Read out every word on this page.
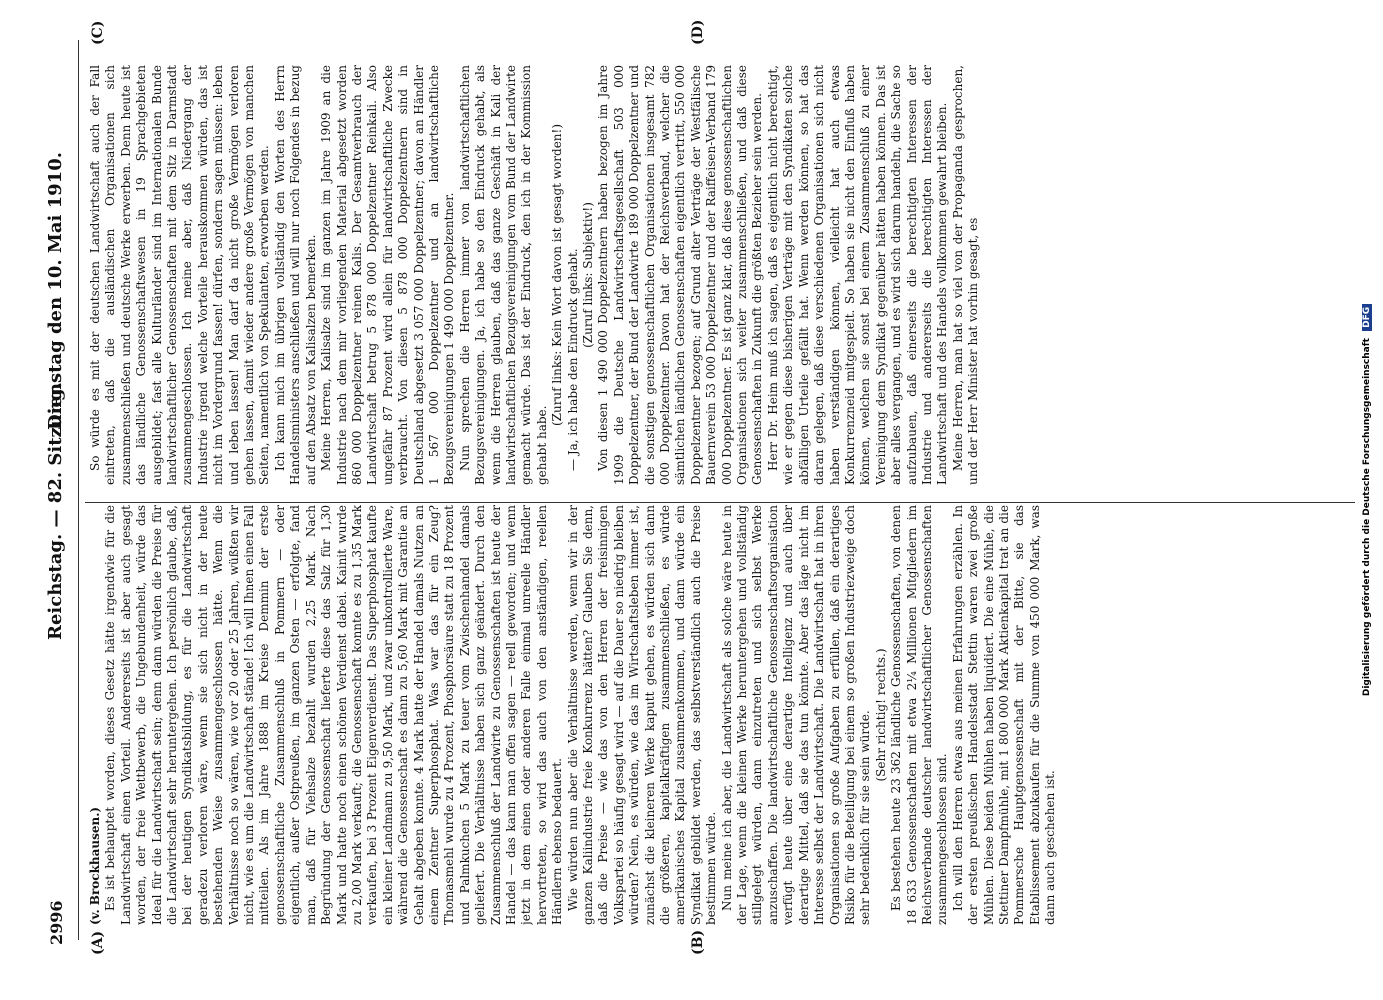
2996
Reichstag. — 82. Sitzung.
Dienstag den 10. Mai 1910.
(A)	(B)
(C)	(D)

(v. Brockhausen.) Es ist behauptet worden, dieses Gesetz hätte irgendwie für die Landwirtschaft einen Vorteil. Andererseits ist aber auch gesagt worden, der freie Wettbewerb, die Ungebundenheit, würde das Ideal für die Landwirtschaft sein; denn dann würden die Preise für die Landwirtschaft sehr heruntergehen. Ich persönlich glaube, daß, bei der heutigen Syndikatsbildung, es für die Landwirtschaft geradezu verloren wäre, wenn sie sich nicht in der heute bestehenden Weise zusammengeschlossen hätte. Wenn die Verhältnisse noch so wären, wie vor 20 oder 25 Jahren, wüßten wir nicht, wie es um die Landwirtschaft stände! Ich will Ihnen einen Fall mitteilen. Als im Jahre 1888 im Kreise Demmin der erste genossenschaftliche Zusammenschluß in Pommern — oder eigentlich, außer Ostpreußen, im ganzen Osten — erfolgte, fand man, daß für Viehsalze bezahlt wurden 2,25 Mark. Nach Begründung der Genossenschaft lieferte diese das Salz für 1,30 Mark und hatte noch einen schönen Verdienst dabei. Kainit wurde zu 2,00 Mark verkauft; die Genossenschaft konnte es zu 1,35 Mark verkaufen, bei 3 Prozent Eigenverdienst. Das Superphosphat kaufte ein kleiner Landmann zu 9,50 Mark, und zwar unkontrollierte Ware, während die Genossenschaft es dann zu 5,60 Mark mit Garantie an Gehalt abgeben konnte. 4 Mark hatte der Handel damals Nutzen an einem Zentner Superphosphat. Was war das für ein Zeug? Thomasmehl wurde zu 4 Prozent, Phosphorsäure statt zu 18 Prozent und Palmkuchen 5 Mark zu teuer vom Zwischenhandel damals geliefert. Die Verhältnisse haben sich ganz geändert. Durch den Zusammenschluß der Landwirte zu Genossenschaften ist heute der Handel — das kann man offen sagen — reell geworden; und wenn jetzt in dem einen oder anderen Falle einmal unreelle Händler hervortreten, so wird das auch von den anständigen, reellen Händlern ebenso bedauert. Wie würden nun aber die Verhältnisse werden, wenn wir in der ganzen Kaliindustrie freie Konkurrenz hätten? Glauben Sie denn, daß die Preise — wie das von den Herren der freisinnigen Volkspartei so häufig gesagt wird — auf die Dauer so niedrig bleiben würden? Nein, es würden, wie das im Wirtschaftsleben immer ist, zunächst die kleineren Werke kaputt gehen, es würden sich dann die größeren, kapitalkräftigen zusammenschließen, es würde amerikanisches Kapital zusammenkommen, und dann würde ein Syndikat gebildet werden, das selbstverständlich auch die Preise bestimmen würde. Nun meine ich aber, die Landwirtschaft als solche wäre heute in der Lage, wenn die kleinen Werke heruntergehen und vollständig stillgelegt würden, dann einzutreten und sich selbst Werke anzuschaffen. Die landwirtschaftliche Genossenschaftsorganisation verfügt heute über eine derartige Intelligenz und auch über derartige Mittel, daß sie das tun könnte. Aber das läge nicht im Interesse selbst der Landwirtschaft. Die Landwirtschaft hat in ihren Organisationen so große Aufgaben zu erfüllen, daß ein derartiges Risiko für die Beteiligung bei einem so großen Industriezweige doch sehr bedenklich für sie sein würde. (Sehr richtig! rechts.) Es bestehen heute 23 362 ländliche Genossenschaften, von denen 18 633 Genossenschaften mit etwa 2¼ Millionen Mitgliedern im Reichsverbande deutscher landwirtschaftlicher Genossenschaften zusammengeschlossen sind. Ich will den Herren etwas aus meinen Erfahrungen erzählen. In der ersten preußischen Handelsstadt Stettin waren zwei große Mühlen. Diese beiden Mühlen haben liquidiert. Die eine Mühle, die Stettiner Dampfmühle, mit 1 800 000 Mark Aktienkapital trat an die Pommersche Hauptgenossenschaft mit der Bitte, sie das Etablissement abzukaufen für die Summe von 450 000 Mark, was dann auch geschehen ist.

So würde es mit der deutschen Landwirtschaft auch der Fall eintreten, daß die ausländischen Organisationen sich zusammenschließen und deutsche Werke erwerben. Denn heute ist das ländliche Genossenschaftswesen in 19 Sprachgebieten ausgebildet; fast alle Kulturländer sind im Internationalen Bunde landwirtschaftlicher Genossenschaften mit dem Sitz in Darmstadt zusammengeschlossen. Ich meine aber, daß Niedergang der Industrie irgend welche Vorteile herauskommen würden, das ist nicht im Vordergrund fassen! dürfen, sondern sagen müssen: leben und leben lassen! Man darf da nicht große Vermögen verloren gehen lassen, damit wieder andere große Vermögen von manchen Seiten, namentlich von Spekulanten, erworben werden. Ich kann mich im übrigen vollständig den Worten des Herrn Handelsministers anschließen und will nur noch Folgendes in bezug auf den Absatz von Kalisalzen bemerken. Meine Herren, Kalisalze sind im ganzen im Jahre 1909 an die Industrie nach dem mir vorliegenden Material abgesetzt worden 860 000 Doppelzentner reinen Kalis. Der Gesamtverbrauch der Landwirtschaft betrug 5 878 000 Doppelzentner Reinkali. Also ungefähr 87 Prozent wird allein für landwirtschaftliche Zwecke verbraucht. Von diesen 5 878 000 Doppelzentnern sind in Deutschland abgesetzt 3 057 000 Doppelzentner; davon an Händler 1 567 000 Doppelzentner und an landwirtschaftliche Bezugsvereinigungen 1 490 000 Doppelzentner. Nun sprechen die Herren immer von landwirtschaftlichen Bezugsvereinigungen. Ja, ich habe so den Eindruck gehabt, als wenn die Herren glauben, daß das ganze Geschäft in Kali der landwirtschaftlichen Bezugsvereinigungen vom Bund der Landwirte gemacht würde. Das ist der Eindruck, den ich in der Kommission gehabt habe.

(Zuruf links: Kein Wort davon ist gesagt worden!) — Ja, ich habe den Eindruck gehabt. (Zuruf links: Subjektiv!) Von diesen 1 490 000 Doppelzentnern haben bezogen im Jahre 1909 die Deutsche Landwirtschaftsgesellschaft 503 000 Doppelzentner, der Bund der Landwirte 189 000 Doppelzentner und die sonstigen genossenschaftlichen Organisationen insgesamt 782 000 Doppelzentner. Davon hat der Reichsverband, welcher die sämtlichen ländlichen Genossenschaften eigentlich vertritt, 550 000 Doppelzentner bezogen; auf Grund alter Verträge der Westfälische Bauernverein 53 000 Doppelzentner und der Raiffeisen-Verband 179 000 Doppelzentner. Es ist ganz klar, daß diese genossenschaftlichen Organisationen sich weiter zusammenschließen, und daß diese Genossenschaften in Zukunft die größten Bezieher sein werden. Herr Dr. Heim muß ich sagen, daß es eigentlich nicht berechtigt, wie er gegen diese bisherigen Verträge mit den Syndikaten solche abfälligen Urteile gefällt hat. Wenn werden können, so hat das daran gelegen, daß diese verschiedenen Organisationen sich nicht haben verständigen können, vielleicht hat auch etwas Konkurrenzneid mitgespielt. So haben sie nicht den Einfluß haben können, welchen sie sonst bei einem Zusammenschluß zu einer Vereinigung dem Syndikat gegenüber hätten haben können. Das ist aber alles vergangen, und es wird sich darum handeln, die Sache so aufzubauen, daß einerseits die berechtigten Interessen der Industrie und andererseits die berechtigten Interessen der Landwirtschaft und des Handels vollkommen gewahrt bleiben. Meine Herren, man hat so viel von der Propaganda gesprochen, und der Herr Minister hat vorhin gesagt, es	Digitalisierung gefördert durch die Deutsche Forschungsgemeinschaft DFG
